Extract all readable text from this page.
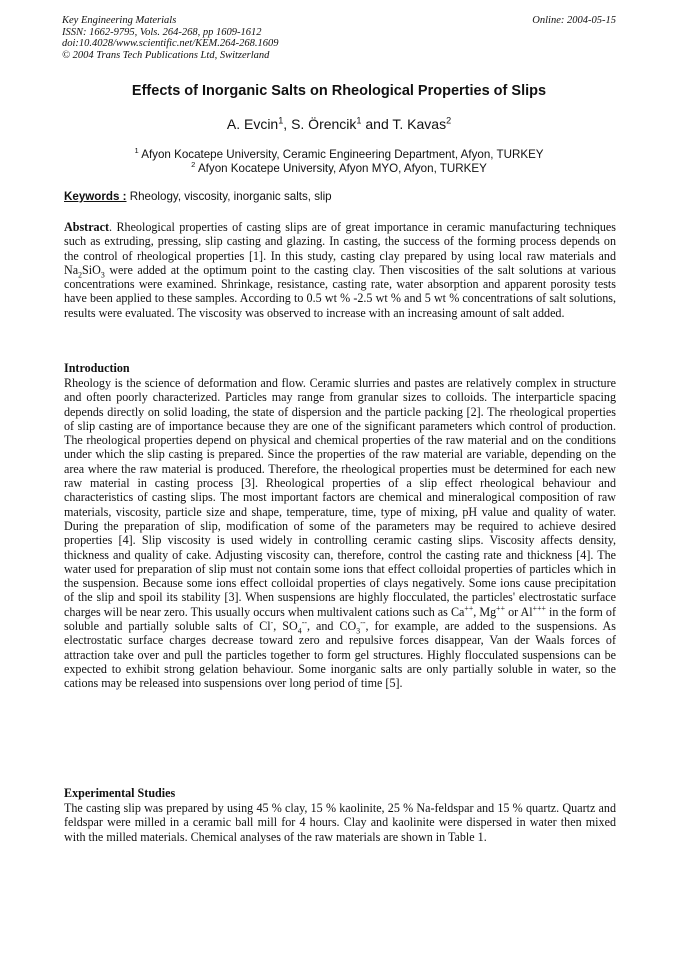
Key Engineering Materials
ISSN: 1662-9795, Vols. 264-268, pp 1609-1612
doi:10.4028/www.scientific.net/KEM.264-268.1609
© 2004 Trans Tech Publications Ltd, Switzerland
Online: 2004-05-15
Effects of Inorganic Salts on Rheological Properties of Slips
A. Evcin$^1$, S. Örencik$^1$ and T. Kavas$^2$
$^1$ Afyon Kocatepe University, Ceramic Engineering Department, Afyon, TURKEY
$^2$ Afyon Kocatepe University, Afyon MYO, Afyon, TURKEY
Keywords : Rheology, viscosity, inorganic salts, slip

Abstract. Rheological properties of casting slips are of great importance in ceramic manufacturing techniques such as extruding, pressing, slip casting and glazing. In casting, the success of the forming process depends on the control of rheological properties [1]. In this study, casting clay prepared by using local raw materials and $Na_2SiO_3$ were added at the optimum point to the casting clay. Then viscosities of the salt solutions at various concentrations were examined. Shrinkage, resistance, casting rate, water absorption and apparent porosity tests have been applied to these samples. According to 0.5 wt % -2.5 wt % and 5 wt % concentrations of salt solutions, results were evaluated. The viscosity was observed to increase with an increasing amount of salt added.

Introduction

Rheology is the science of deformation and flow. Ceramic slurries and pastes are relatively complex in structure and often poorly characterized. Particles may range from granular sizes to colloids. The interparticle spacing depends directly on solid loading, the state of dispersion and the particle packing [2]. The rheological properties of slip casting are of importance because they are one of the significant parameters which control of production. The rheological properties depend on physical and chemical properties of the raw material and on the conditions under which the slip casting is prepared. Since the properties of the raw material are variable, depending on the area where the raw material is produced. Therefore, the rheological properties must be determined for each new raw material in casting process [3]. Rheological properties of a slip effect rheological behaviour and characteristics of casting slips. The most important factors are chemical and mineralogical composition of raw materials, viscosity, particle size and shape, temperature, time, type of mixing, pH value and quality of water. During the preparation of slip, modification of some of the parameters may be required to achieve desired properties [4]. Slip viscosity is used widely in controlling ceramic casting slips. Viscosity affects density, thickness and quality of cake. Adjusting viscosity can, therefore, control the casting rate and thickness [4]. The water used for preparation of slip must not contain some ions that effect colloidal properties of particles which in the suspension. Because some ions effect colloidal properties of clays negatively. Some ions cause precipitation of the slip and spoil its stability [3]. When suspensions are highly flocculated, the particles' electrostatic surface charges will be near zero. This usually occurs when multivalent cations such as Ca++, Mg++ or Al+++ in the form of soluble and partially soluble salts of Cl-, $SO_4^{--}$, and $CO_3^{--}$, for example, are added to the suspensions. As electrostatic surface charges decrease toward zero and repulsive forces disappear, Van der Waals forces of attraction take over and pull the particles together to form gel structures. Highly flocculated suspensions can be expected to exhibit strong gelation behaviour. Some inorganic salts are only partially soluble in water, so the cations may be released into suspensions over long period of time [5].

Experimental Studies

The casting slip was prepared by using 45 % clay, 15 % kaolinite, 25 % Na-feldspar and 15 % quartz. Quartz and feldspar were milled in a ceramic ball mill for 4 hours. Clay and kaolinite were dispersed in water then mixed with the milled materials. Chemical analyses of the raw materials are shown in Table 1.
